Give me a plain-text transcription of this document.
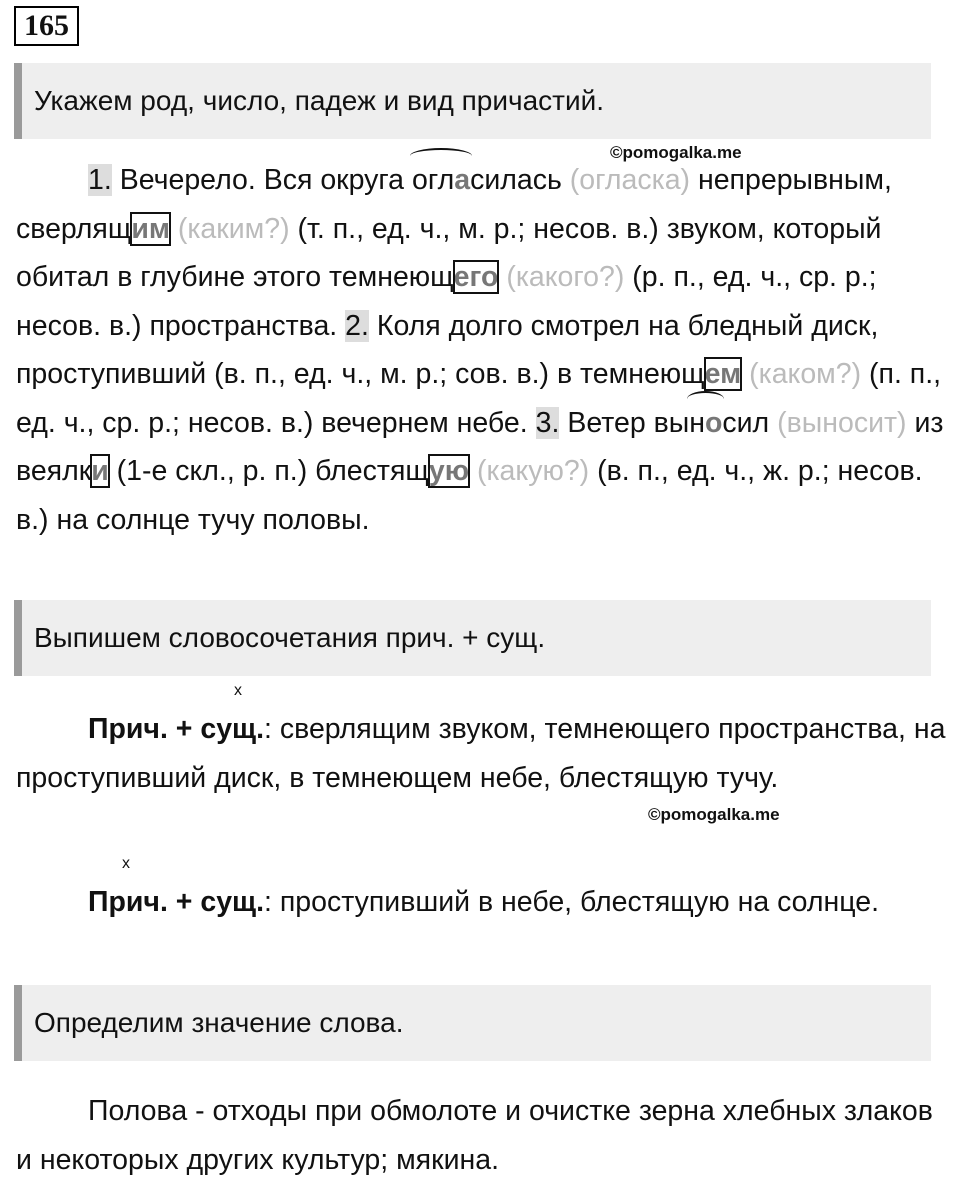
165
Укажем род, число, падеж и вид причастий.
©pomogalka.me

1. Вечерело. Вся округа огласилась (огласка) непрерывным, сверлящим (каким?) (т. п., ед. ч., м. р.; несов. в.) звуком, который обитал в глубине этого темнеющего (какого?) (р. п., ед. ч., ср. р.; несов. в.) пространства. 2. Коля долго смотрел на бледный диск, проступивший (в. п., ед. ч., м. р.; сов. в.) в темнеющем (каком?) (п. п., ед. ч., ср. р.; несов. в.) вечернем небе. 3. Ветер выносил (выносит) из веялки (1-е скл., р. п.) блестящую (какую?) (в. п., ед. ч., ж. р.; несов. в.) на солнце тучу половы.

Выпишем словосочетания прич. + сущ.
x

Прич. + сущ.: сверлящим звуком, темнеющего пространства, на проступивший диск, в темнеющем небе, блестящую тучу.

©pomogalka.me
x

Прич. + сущ.: проступивший в небе, блестящую на солнце.

Определим значение слова.

Полова - отходы при обмолоте и очистке зерна хлебных злаков и некоторых других культур; мякина.
